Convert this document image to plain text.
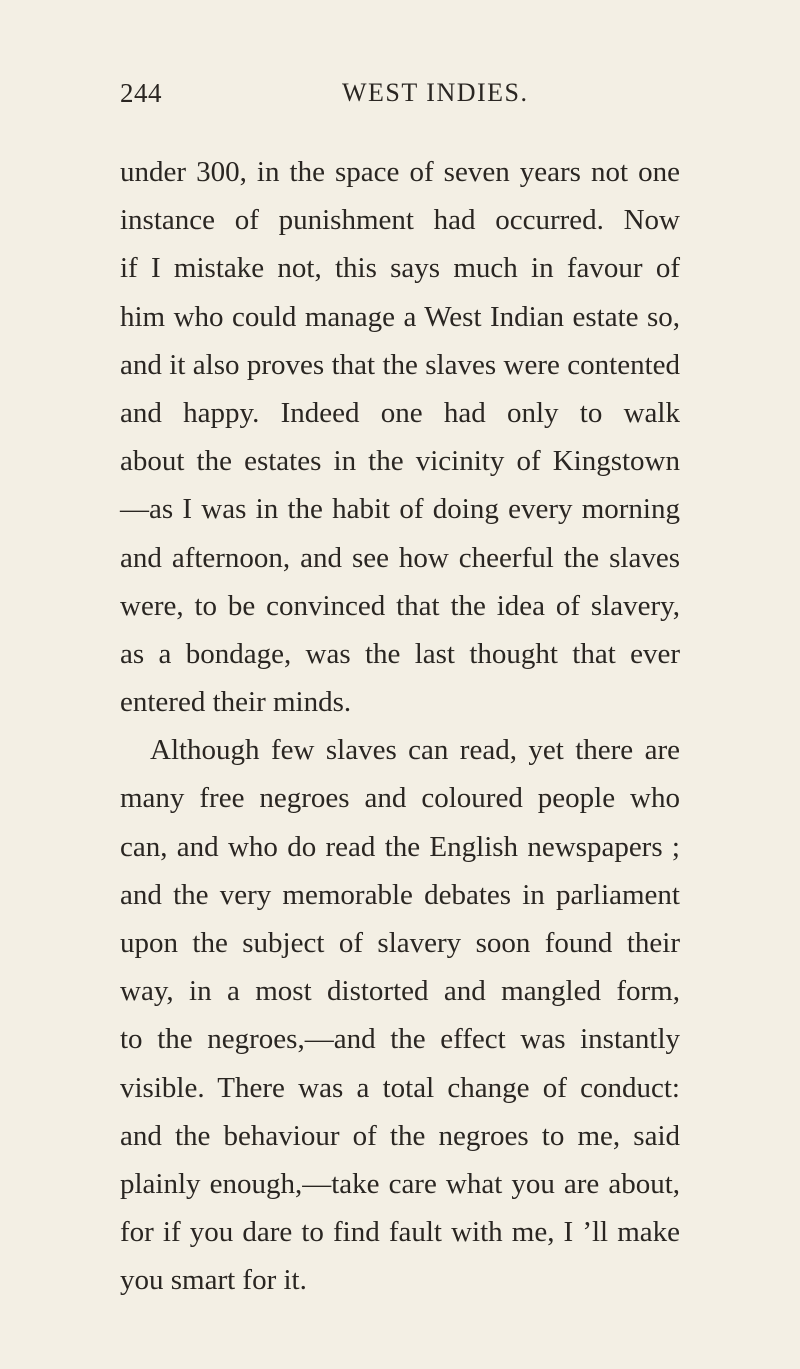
244	WEST INDIES.
under 300, in the space of seven years not one
instance of punishment had occurred. Now
if I mistake not, this says much in favour of
him who could manage a West Indian estate so,
and it also proves that the slaves were contented
and happy. Indeed one had only to walk
about the estates in the vicinity of Kingstown
—as I was in the habit of doing every morning
and afternoon, and see how cheerful the slaves
were, to be convinced that the idea of slavery,
as a bondage, was the last thought that ever
entered their minds.
Although few slaves can read, yet there are
many free negroes and coloured people who
can, and who do read the English newspapers ;
and the very memorable debates in parliament
upon the subject of slavery soon found their
way, in a most distorted and mangled form,
to the negroes,—and the effect was instantly
visible. There was a total change of conduct:
and the behaviour of the negroes to me, said
plainly enough,—take care what you are about,
for if you dare to find fault with me, I ’ll make
you smart for it.
